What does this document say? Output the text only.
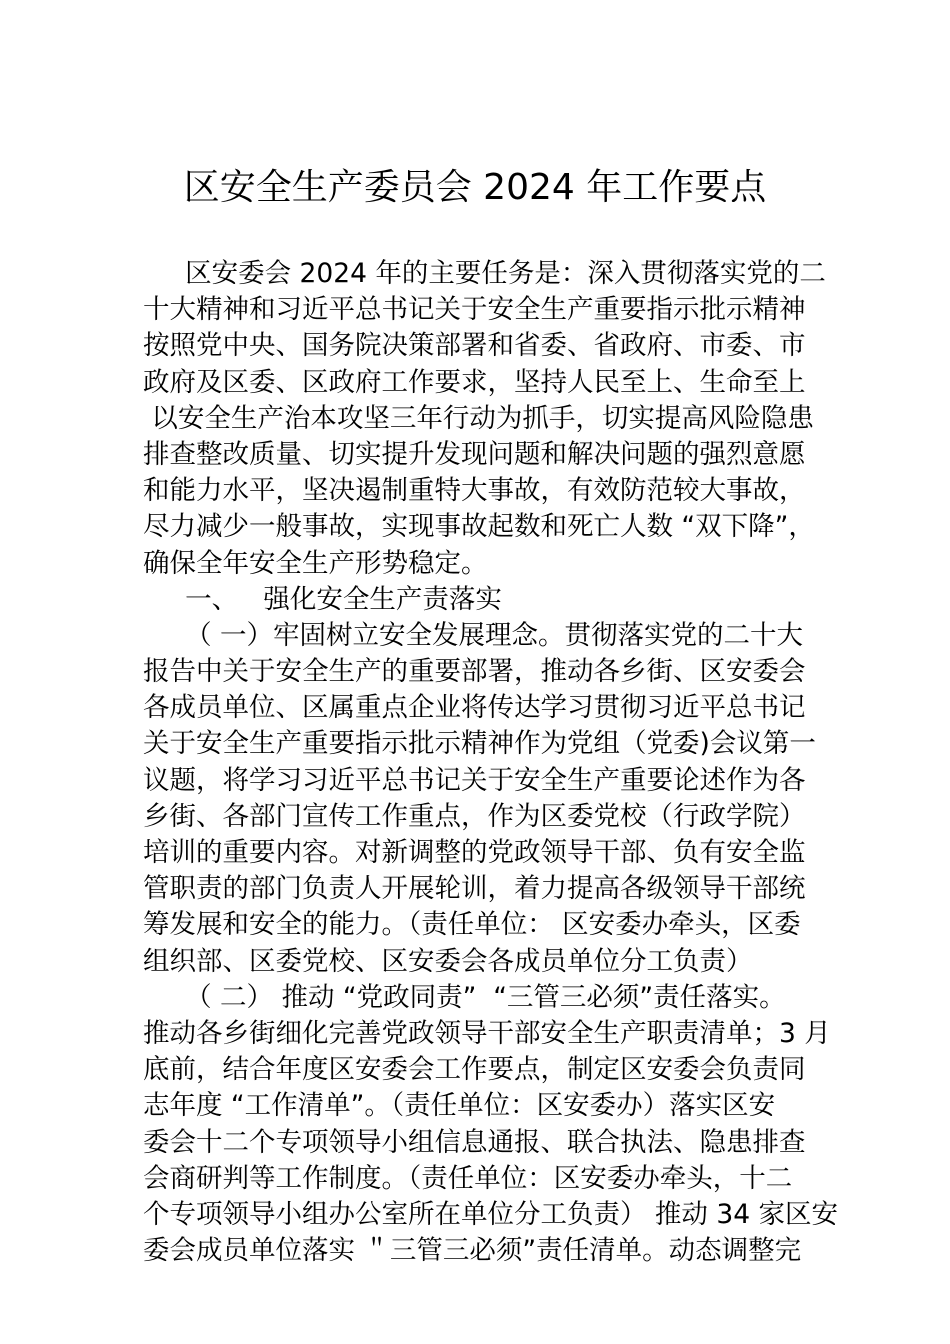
区安全生产委员会 2024 年工作要点
区安委会 2024 年的主要任务是：深入贯彻落实党的二
十大精神和习近平总书记关于安全生产重要指示批示精神
按照党中央、国务院决策部署和省委、省政府、市委、市
政府及区委、区政府工作要求，坚持人民至上、生命至上
以安全生产治本攻坚三年行动为抓手，切实提高风险隐患
排查整改质量、切实提升发现问题和解决问题的强烈意愿
和能力水平，坚决遏制重特大事故，有效防范较大事故，
尽力减少一般事故，实现事故起数和死亡人数 “双下降”，
确保全年安全生产形势稳定。
一、   强化安全生产责落实
（ 一）牢固树立安全发展理念。贯彻落实党的二十大
报告中关于安全生产的重要部署，推动各乡街、区安委会
各成员单位、区属重点企业将传达学习贯彻习近平总书记
关于安全生产重要指示批示精神作为党组（党委)会议第一
议题，将学习习近平总书记关于安全生产重要论述作为各
乡街、各部门宣传工作重点，作为区委党校（行政学院）
培训的重要内容。对新调整的党政领导干部、负有安全监
管职责的部门负责人开展轮训，着力提高各级领导干部统
筹发展和安全的能力。（责任单位： 区安委办牵头，区委
组织部、区委党校、区安委会各成员单位分工负责）
（ 二） 推动 “党政同责”  “三管三必须”责任落实。
推动各乡街细化完善党政领导干部安全生产职责清单；3 月
底前，结合年度区安委会工作要点，制定区安委会负责同
志年度 “工作清单”。（责任单位：区安委办）落实区安
委会十二个专项领导小组信息通报、联合执法、隐患排查
会商研判等工作制度。（责任单位：区安委办牵头，十二
个专项领导小组办公室所在单位分工负责） 推动 34 家区安
委会成员单位落实 ＂三管三必须”责任清单。动态调整完
